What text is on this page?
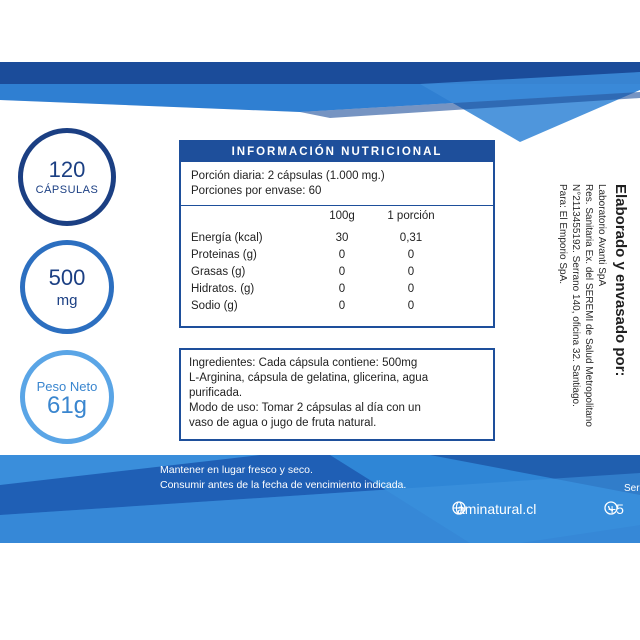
120
CÁPSULAS
500
mg
Peso Neto
61g
INFORMACIÓN NUTRICIONAL
Porción diaria: 2 cápsulas (1.000 mg.)
Porciones por envase: 60
100g	1 porción
Energía (kcal)	30	0,31
Proteinas (g)	0	0
Grasas (g)	0	0
Hidratos. (g)	0	0
Sodio (g)	0	0

Ingredientes: Cada cápsula contiene: 500mg

L-Arginina, cápsula de gelatina, glicerina, agua

purificada.

Modo de uso: Tomar 2 cápsulas al día con un

vaso de agua o jugo de fruta natural.

Elaborado y envasado por:
Laboratorio Avanti SpA
Res. Sanitaria Ex. del SEREMI de Salud Metropolitano
N°2113455192. Serrano 140, oficina 32. Santiago.
Para: El Emporio SpA.

Mantener en lugar fresco y seco.

Consumir antes de la fecha de vencimiento indicada.

aminatural.cl
Ser
+5
